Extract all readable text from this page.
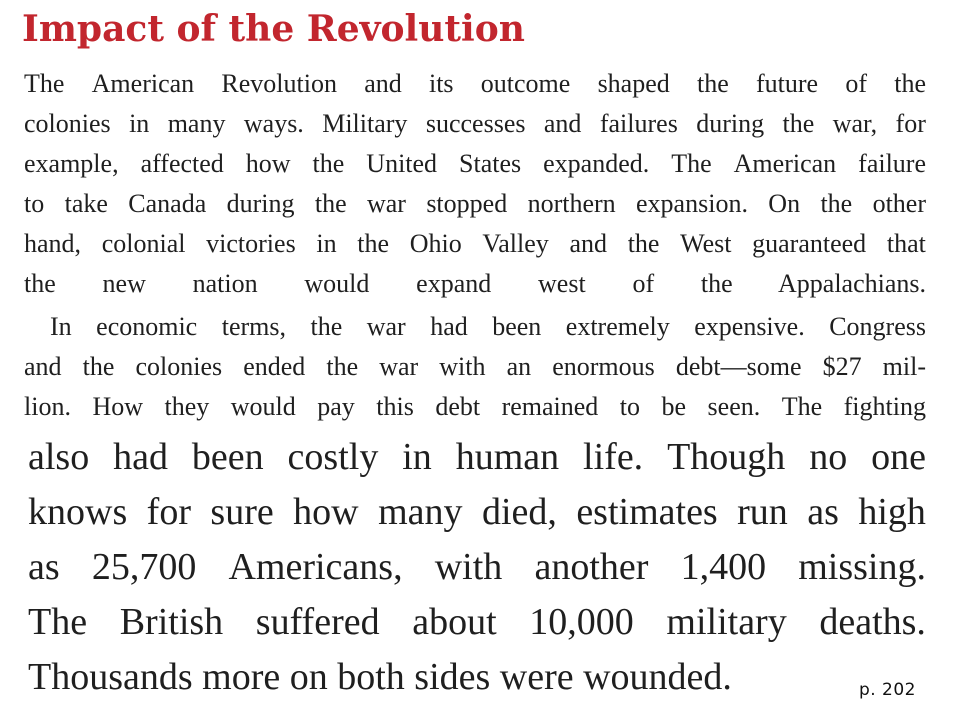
Impact of the Revolution
The American Revolution and its outcome shaped the future of the
colonies in many ways. Military successes and failures during the war, for
example, affected how the United States expanded. The American failure
to take Canada during the war stopped northern expansion. On the other
hand, colonial victories in the Ohio Valley and the West guaranteed that
the new nation would expand west of the Appalachians.
In economic terms, the war had been extremely expensive. Congress
and the colonies ended the war with an enormous debt—some $27 mil-
lion. How they would pay this debt remained to be seen. The fighting
also had been costly in human life. Though no one
knows for sure how many died, estimates run as high
as 25,700 Americans, with another 1,400 missing.
The British suffered about 10,000 military deaths.
Thousands more on both sides were wounded.	p. 202
